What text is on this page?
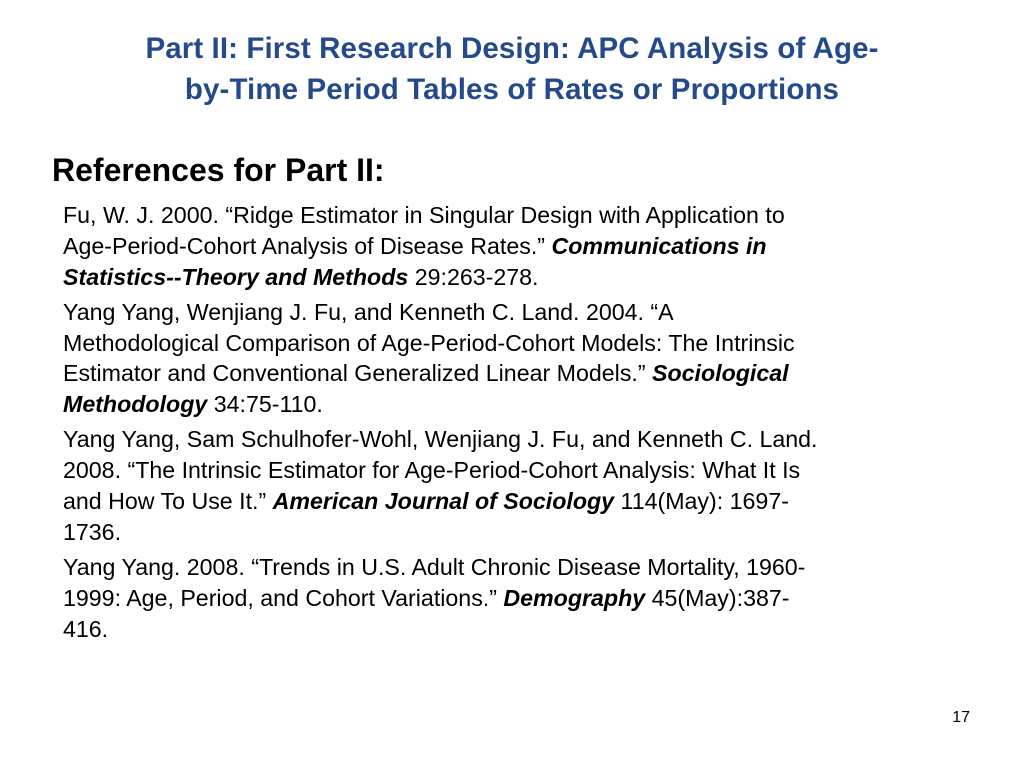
Part II: First Research Design: APC Analysis of Age-
by-Time Period Tables of Rates or Proportions
References for Part II:
Fu, W. J. 2000. “Ridge Estimator in Singular Design with Application to
Age-Period-Cohort Analysis of Disease Rates.” Communications in
Statistics--Theory and Methods 29:263-278.
Yang Yang, Wenjiang J. Fu, and Kenneth C. Land. 2004. “A
Methodological Comparison of Age-Period-Cohort Models: The Intrinsic
Estimator and Conventional Generalized Linear Models.” Sociological
Methodology 34:75-110.
Yang Yang, Sam Schulhofer-Wohl, Wenjiang J. Fu, and Kenneth C. Land.
2008. “The Intrinsic Estimator for Age-Period-Cohort Analysis: What It Is
and How To Use It.” American Journal of Sociology 114(May): 1697-
1736.
Yang Yang. 2008. “Trends in U.S. Adult Chronic Disease Mortality, 1960-
1999: Age, Period, and Cohort Variations.” Demography 45(May):387-
416.
17
